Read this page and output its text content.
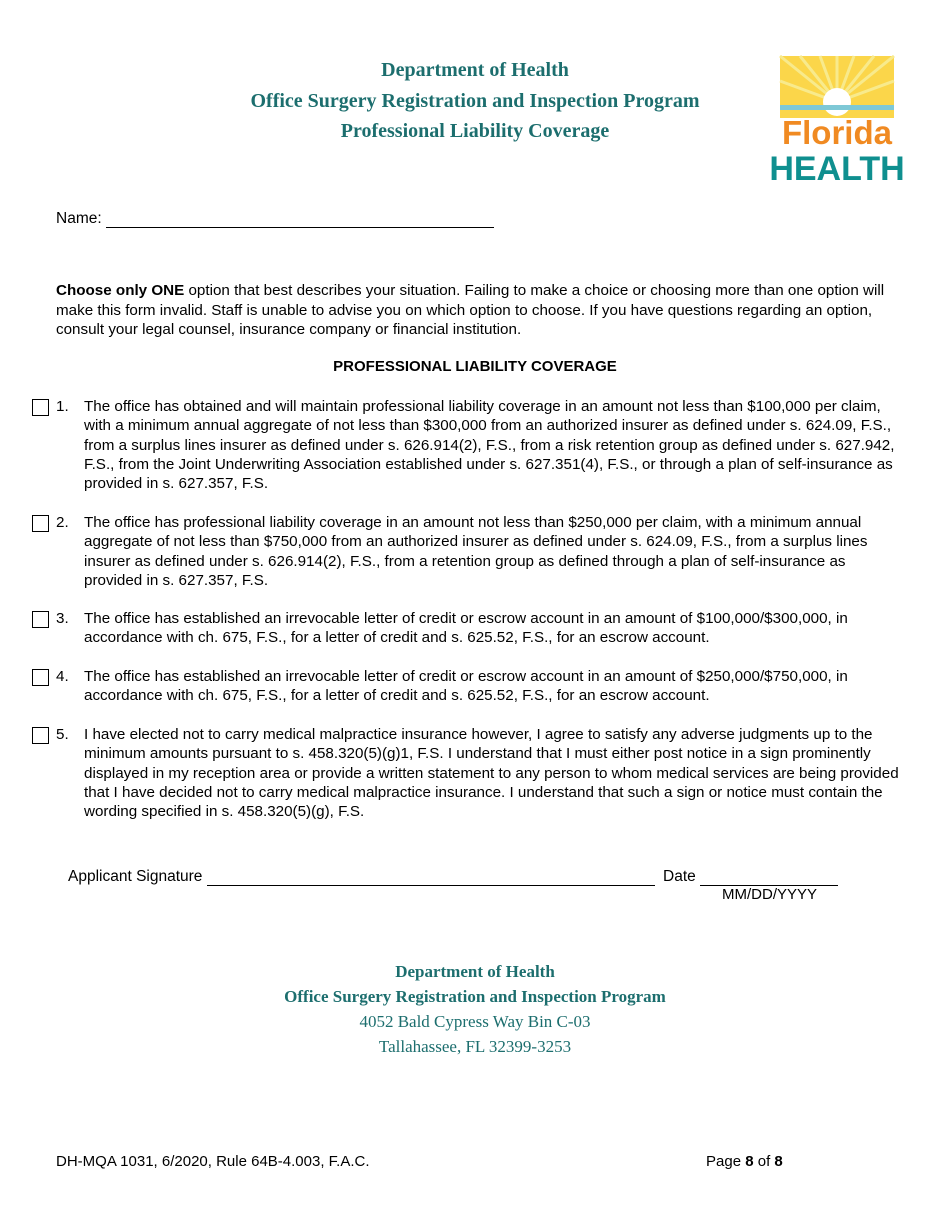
Department of Health
Office Surgery Registration and Inspection Program
Professional Liability Coverage	Florida
HEALTH
Name:
Choose only ONE option that best describes your situation. Failing to make a choice or choosing more than one option will make this form invalid. Staff is unable to advise you on which option to choose. If you have questions regarding an option, consult your legal counsel, insurance company or financial institution.
PROFESSIONAL LIABILITY COVERAGE
1. The office has obtained and will maintain professional liability coverage in an amount not less than $100,000 per claim, with a minimum annual aggregate of not less than $300,000 from an authorized insurer as defined under s. 624.09, F.S., from a surplus lines insurer as defined under s. 626.914(2), F.S., from a risk retention group as defined under s. 627.942, F.S., from the Joint Underwriting Association established under s. 627.351(4), F.S., or through a plan of self-insurance as provided in s. 627.357, F.S.
2. The office has professional liability coverage in an amount not less than $250,000 per claim, with a minimum annual aggregate of not less than $750,000 from an authorized insurer as defined under s. 624.09, F.S., from a surplus lines insurer as defined under s. 626.914(2), F.S., from a retention group as defined through a plan of self-insurance as provided in s. 627.357, F.S.
3. The office has established an irrevocable letter of credit or escrow account in an amount of $100,000/$300,000, in accordance with ch. 675, F.S., for a letter of credit and s. 625.52, F.S., for an escrow account.
4. The office has established an irrevocable letter of credit or escrow account in an amount of $250,000/$750,000, in accordance with ch. 675, F.S., for a letter of credit and s. 625.52, F.S., for an escrow account.
5. I have elected not to carry medical malpractice insurance however, I agree to satisfy any adverse judgments up to the minimum amounts pursuant to s. 458.320(5)(g)1, F.S. I understand that I must either post notice in a sign prominently displayed in my reception area or provide a written statement to any person to whom medical services are being provided that I have decided not to carry medical malpractice insurance. I understand that such a sign or notice must contain the wording specified in s. 458.320(5)(g), F.S.
Applicant Signature	Date
MM/DD/YYYY
Department of Health
Office Surgery Registration and Inspection Program
4052 Bald Cypress Way Bin C-03
Tallahassee, FL 32399-3253
DH-MQA 1031, 6/2020, Rule 64B-4.003, F.A.C.	Page 8 of 8
